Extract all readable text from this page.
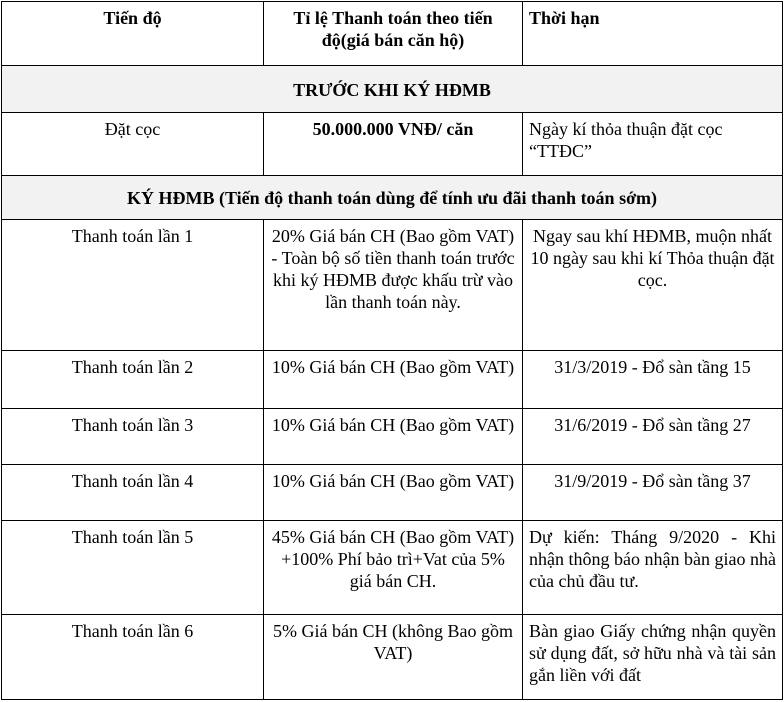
Tiến độ	Tỉ lệ Thanh toán theo tiến độ(giá bán căn hộ)	Thời hạn
TRƯỚC KHI KÝ HĐMB		
Đặt cọc	50.000.000 VNĐ/ căn	Ngày kí thỏa thuận đặt cọc “TTĐC”
KÝ HĐMB (Tiến độ thanh toán dùng để tính ưu đãi thanh toán sớm)		
Thanh toán lần 1	20% Giá bán CH (Bao gồm VAT) - Toàn bộ số tiền thanh toán trước khi ký HĐMB được khấu trừ vào lần thanh toán này.	Ngay sau khí HĐMB, muộn nhất 10 ngày sau khi kí Thỏa thuận đặt cọc.
Thanh toán lần 2	10% Giá bán CH (Bao gồm VAT)	31/3/2019 - Đổ sàn tầng 15
Thanh toán lần 3	10% Giá bán CH (Bao gồm VAT)	31/6/2019 - Đổ sàn tầng 27
Thanh toán lần 4	10% Giá bán CH (Bao gồm VAT)	31/9/2019 - Đổ sàn tầng 37
Thanh toán lần 5	45% Giá bán CH (Bao gồm VAT) +100% Phí bảo trì+Vat của 5% giá bán CH.	Dự kiến: Tháng 9/2020 - Khi nhận thông báo nhận bàn giao nhà của chủ đầu tư.
Thanh toán lần 6	5% Giá bán CH (không Bao gồm VAT)	Bàn giao Giấy chứng nhận quyền sử dụng đất, sở hữu nhà và tài sản gắn liền với đất
